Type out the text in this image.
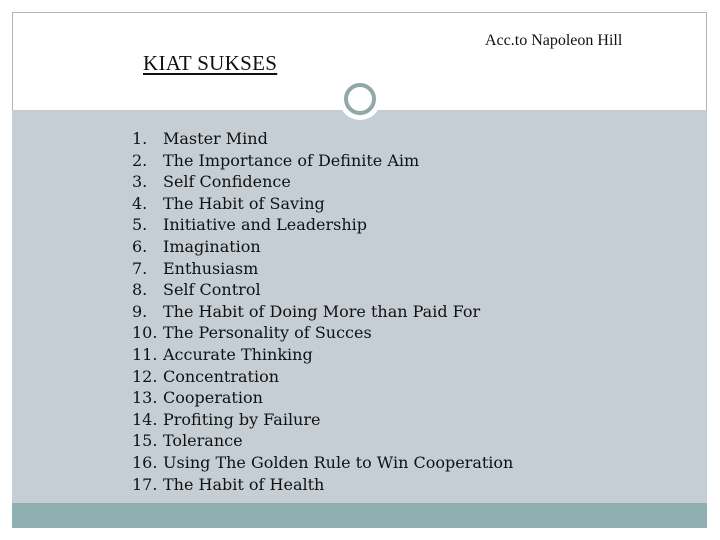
Acc.to Napoleon Hill
KIAT SUKSES
1. Master Mind
2. The Importance of Definite Aim
3. Self Confidence
4. The Habit of Saving
5. Initiative and Leadership
6. Imagination
7. Enthusiasm
8. Self Control
9. The Habit of Doing More than Paid For
10. The Personality of Succes
11. Accurate Thinking
12. Concentration
13. Cooperation
14. Profiting by Failure
15. Tolerance
16. Using The Golden Rule to Win Cooperation
17. The Habit of Health
